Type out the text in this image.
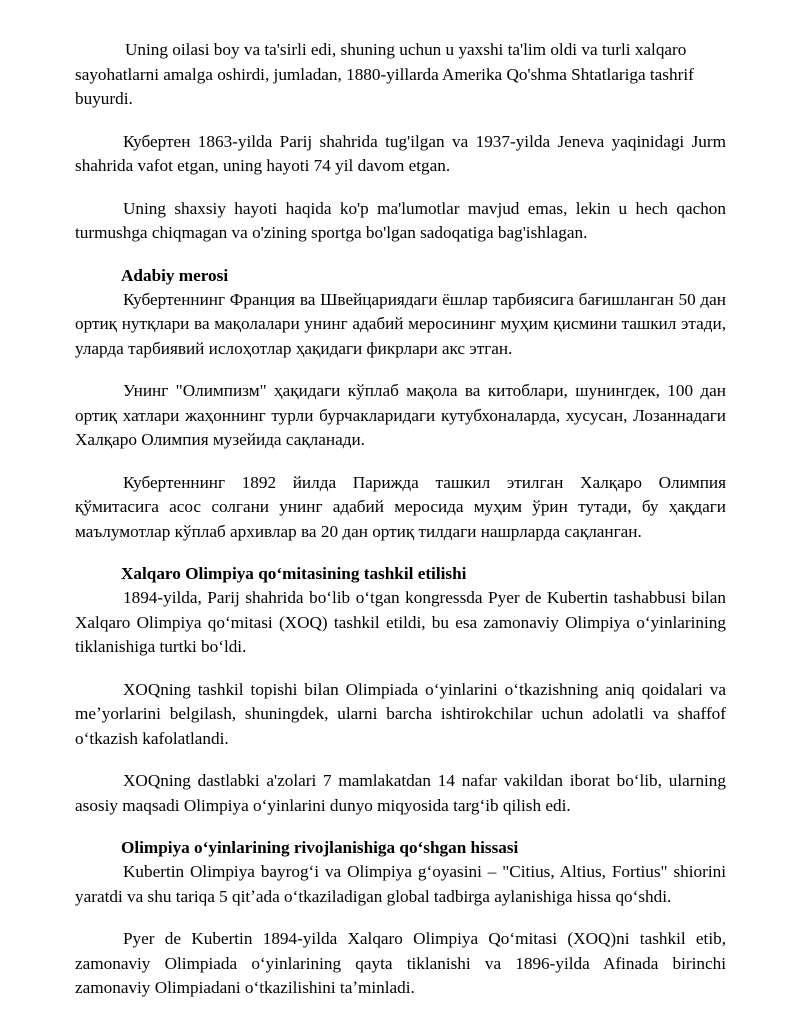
Uning oilasi boy va ta'sirli edi, shuning uchun u yaxshi ta'lim oldi va turli xalqaro sayohatlarni amalga oshirdi, jumladan, 1880-yillarda Amerika Qo'shma Shtatlariga tashrif buyurdi.

Кубертен 1863-yilda Parij shahrida tug'ilgan va 1937-yilda Jeneva yaqinidagi Jurm shahrida vafot etgan, uning hayoti 74 yil davom etgan.

Uning shaxsiy hayoti haqida ko'p ma'lumotlar mavjud emas, lekin u hech qachon turmushga chiqmagan va o'zining sportga bo'lgan sadoqatiga bag'ishlagan.

Adabiy merosi

Кубертеннинг Франция ва Швейцариядаги ёшлар тарбиясига бағишланган 50 дан ортиқ нутқлари ва мақолалари унинг адабий меросининг муҳим қисмини ташкил этади, уларда тарбиявий ислоҳотлар ҳақидаги фикрлари акс этган.

Унинг "Олимпизм" ҳақидаги кўплаб мақола ва китоблари, шунингдек, 100 дан ортиқ хатлари жаҳоннинг турли бурчакларидаги кутубхоналарда, хусусан, Лозаннадаги Халқаро Олимпия музейида сақланади.

Кубертеннинг 1892 йилда Парижда ташкил этилган Халқаро Олимпия қўмитасига асос солгани унинг адабий меросида муҳим ўрин тутади, бу ҳақдаги маълумотлар кўплаб архивлар ва 20 дан ортиқ тилдаги нашрларда сақланган.

Xalqaro Olimpiya qoʻmitasining tashkil etilishi

1894-yilda, Parij shahrida boʻlib oʻtgan kongressda Pyer de Kubertin tashabbusi bilan Xalqaro Olimpiya qoʻmitasi (XOQ) tashkil etildi, bu esa zamonaviy Olimpiya oʻyinlarining tiklanishiga turtki boʻldi.

XOQning tashkil topishi bilan Olimpiada oʻyinlarini oʻtkazishning aniq qoidalari va meʼyorlarini belgilash, shuningdek, ularni barcha ishtirokchilar uchun adolatli va shaffof oʻtkazish kafolatlandi.

XOQning dastlabki a'zolari 7 mamlakatdan 14 nafar vakildan iborat boʻlib, ularning asosiy maqsadi Olimpiya oʻyinlarini dunyo miqyosida targʻib qilish edi.

Olimpiya oʻyinlarining rivojlanishiga qoʻshgan hissasi

Kubertin Olimpiya bayrogʻi va Olimpiya gʻoyasini – "Citius, Altius, Fortius" shiorini yaratdi va shu tariqa 5 qitʼada oʻtkaziladigan global tadbirga aylanishiga hissa qoʻshdi.

Pyer de Kubertin 1894-yilda Xalqaro Olimpiya Qoʻmitasi (XOQ)ni tashkil etib, zamonaviy Olimpiada oʻyinlarining qayta tiklanishi va 1896-yilda Afinada birinchi zamonaviy Olimpiadani oʻtkazilishini taʼminladi.
